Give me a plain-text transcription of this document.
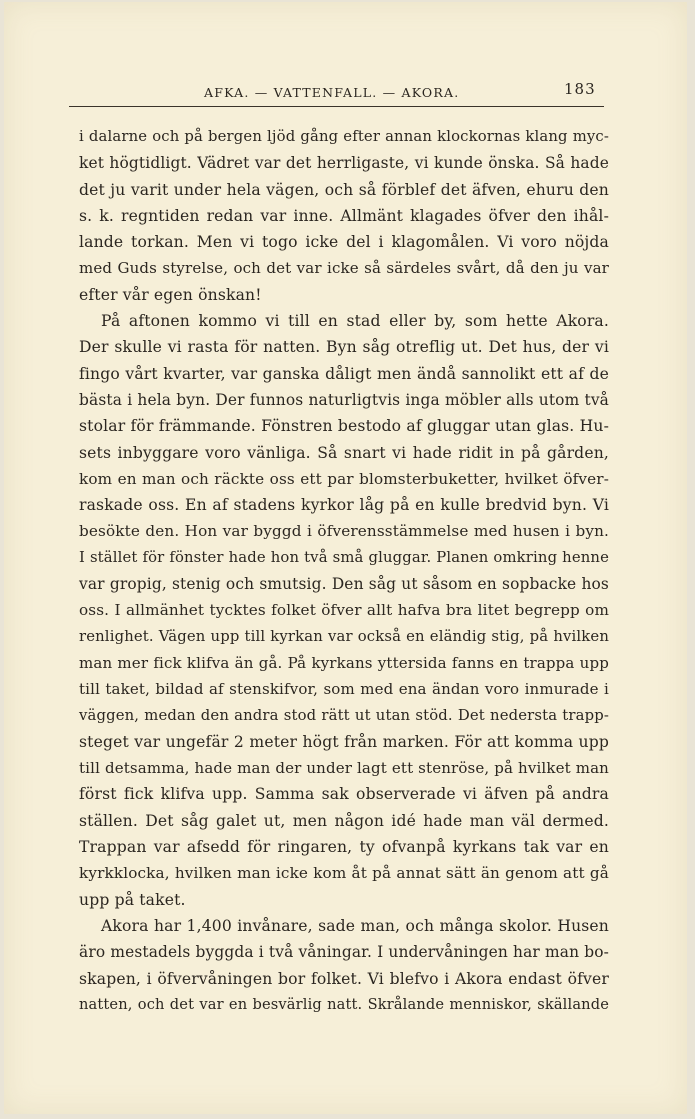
AFKA. — VATTENFALL. — AKORA.	183
i dalarne och på bergen ljöd gång efter annan klockornas klang myc-
ket högtidligt. Vädret var det herrligaste, vi kunde önska. Så hade
det ju varit under hela vägen, och så förblef det äfven, ehuru den
s. k. regntiden redan var inne. Allmänt klagades öfver den ihål-
lande torkan. Men vi togo icke del i klagomålen. Vi voro nöjda
med Guds styrelse, och det var icke så särdeles svårt, då den ju var
efter vår egen önskan!
På aftonen kommo vi till en stad eller by, som hette Akora.
Der skulle vi rasta för natten. Byn såg otreflig ut. Det hus, der vi
fingo vårt kvarter, var ganska dåligt men ändå sannolikt ett af de
bästa i hela byn. Der funnos naturligtvis inga möbler alls utom två
stolar för främmande. Fönstren bestodo af gluggar utan glas. Hu-
sets inbyggare voro vänliga. Så snart vi hade ridit in på gården,
kom en man och räckte oss ett par blomsterbuketter, hvilket öfver-
raskade oss. En af stadens kyrkor låg på en kulle bredvid byn. Vi
besökte den. Hon var byggd i öfverensstämmelse med husen i byn.
I stället för fönster hade hon två små gluggar. Planen omkring henne
var gropig, stenig och smutsig. Den såg ut såsom en sopbacke hos
oss. I allmänhet tycktes folket öfver allt hafva bra litet begrepp om
renlighet. Vägen upp till kyrkan var också en eländig stig, på hvilken
man mer fick klifva än gå. På kyrkans yttersida fanns en trappa upp
till taket, bildad af stenskifvor, som med ena ändan voro inmurade i
väggen, medan den andra stod rätt ut utan stöd. Det nedersta trapp-
steget var ungefär 2 meter högt från marken. För att komma upp
till detsamma, hade man der under lagt ett stenröse, på hvilket man
först fick klifva upp. Samma sak observerade vi äfven på andra
ställen. Det såg galet ut, men någon idé hade man väl dermed.
Trappan var afsedd för ringaren, ty ofvanpå kyrkans tak var en
kyrkklocka, hvilken man icke kom åt på annat sätt än genom att gå
upp på taket.
Akora har 1,400 invånare, sade man, och många skolor. Husen
äro mestadels byggda i två våningar. I undervåningen har man bo-
skapen, i öfvervåningen bor folket. Vi blefvo i Akora endast öfver
natten, och det var en besvärlig natt. Skrålande menniskor, skällande
